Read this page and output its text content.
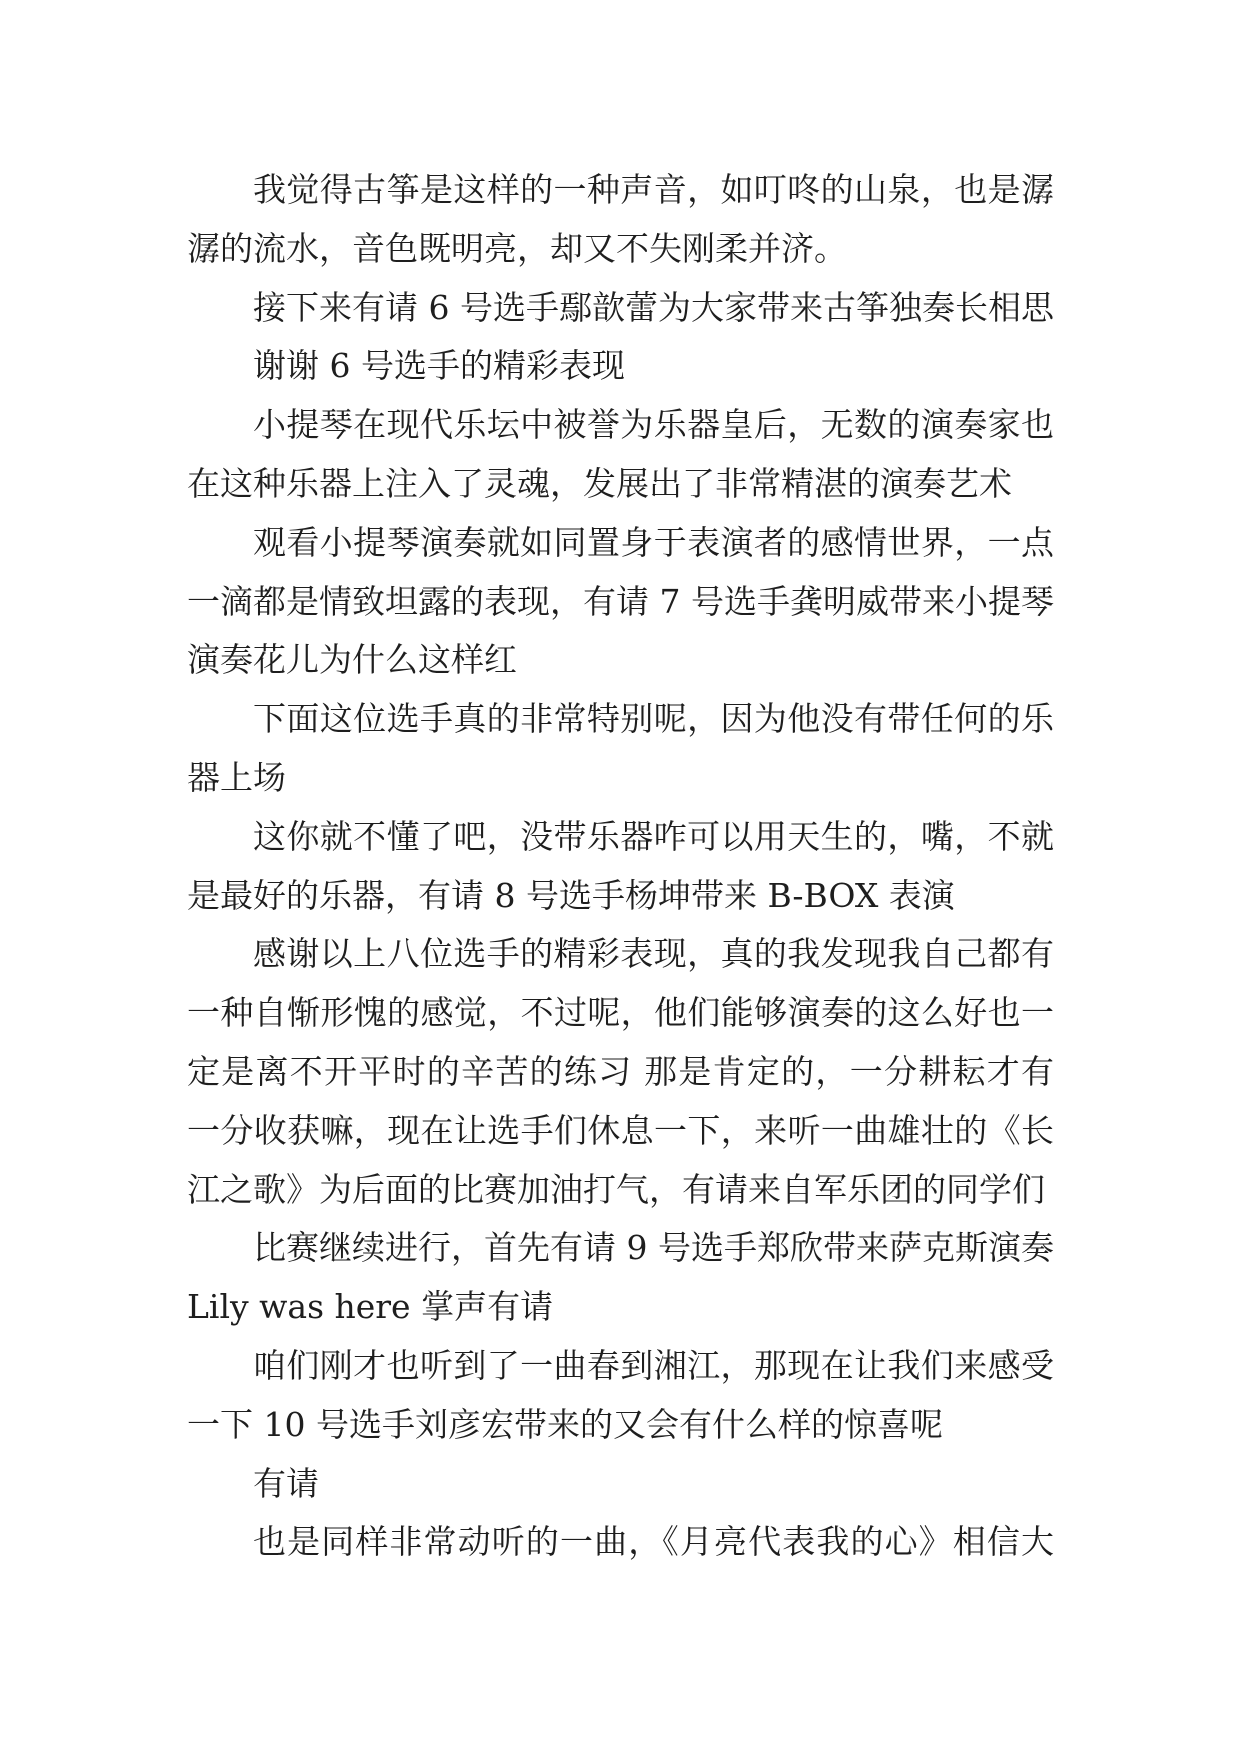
我觉得古筝是这样的一种声音，如叮咚的山泉，也是潺
潺的流水，音色既明亮，却又不失刚柔并济。
接下来有请 6 号选手鄢歆蕾为大家带来古筝独奏长相思
谢谢 6 号选手的精彩表现
小提琴在现代乐坛中被誉为乐器皇后，无数的演奏家也
在这种乐器上注入了灵魂，发展出了非常精湛的演奏艺术
观看小提琴演奏就如同置身于表演者的感情世界，一点
一滴都是情致坦露的表现，有请 7 号选手龚明威带来小提琴
演奏花儿为什么这样红
下面这位选手真的非常特别呢，因为他没有带任何的乐
器上场
这你就不懂了吧，没带乐器咋可以用天生的，嘴，不就
是最好的乐器，有请 8 号选手杨坤带来 B-BOX 表演
感谢以上八位选手的精彩表现，真的我发现我自己都有
一种自惭形愧的感觉，不过呢，他们能够演奏的这么好也一
定是离不开平时的辛苦的练习 那是肯定的，一分耕耘才有
一分收获嘛，现在让选手们休息一下，来听一曲雄壮的《长
江之歌》为后面的比赛加油打气，有请来自军乐团的同学们
比赛继续进行，首先有请 9 号选手郑欣带来萨克斯演奏
Lily was here 掌声有请
咱们刚才也听到了一曲春到湘江，那现在让我们来感受
一下 10 号选手刘彦宏带来的又会有什么样的惊喜呢
有请
也是同样非常动听的一曲，《月亮代表我的心》相信大
